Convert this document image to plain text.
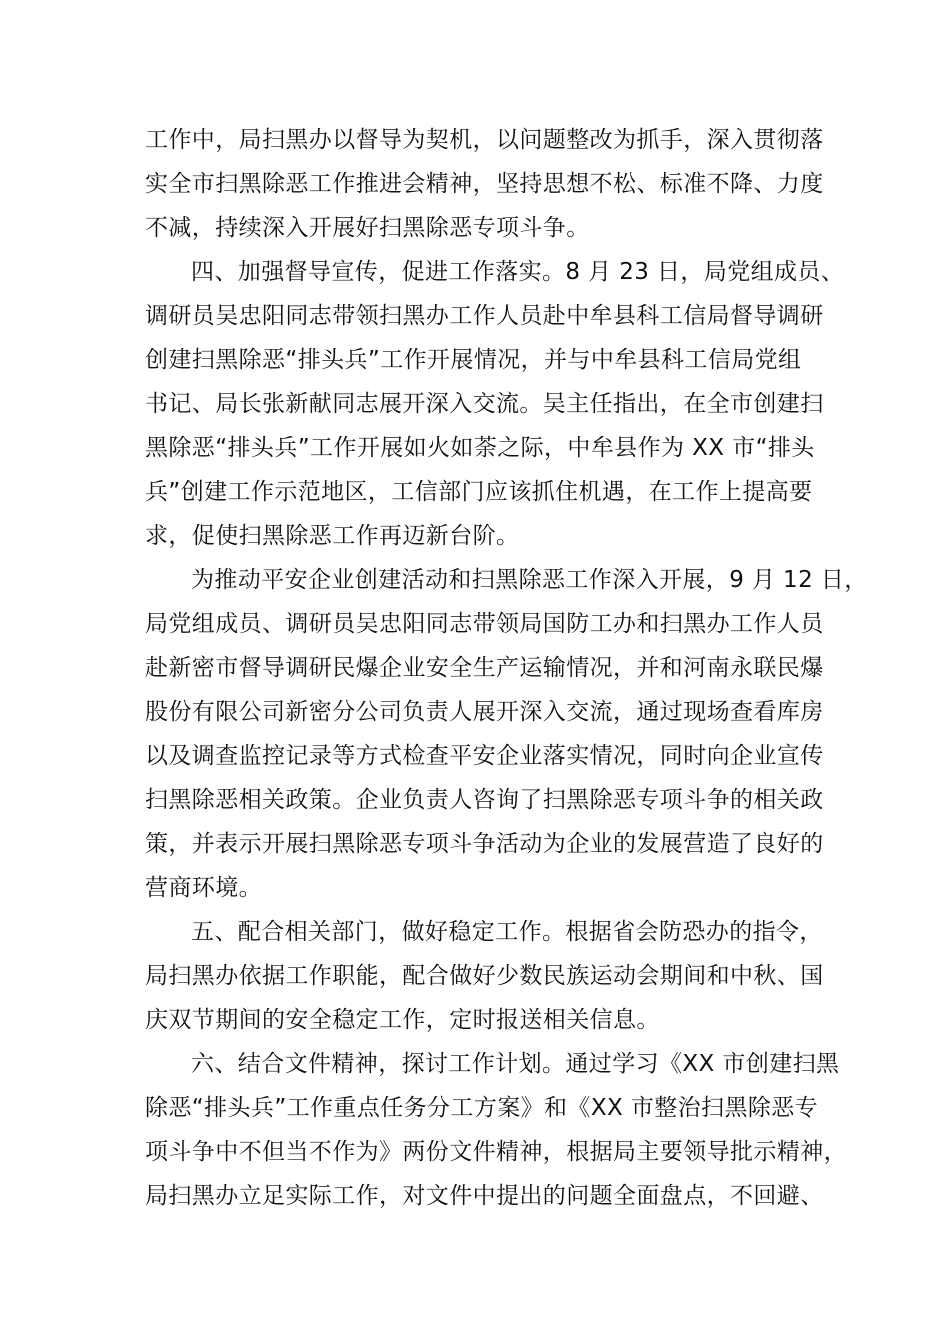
工作中，局扫黑办以督导为契机，以问题整改为抓手，深入贯彻落
实全市扫黑除恶工作推进会精神，坚持思想不松、标准不降、力度
不减，持续深入开展好扫黑除恶专项斗争。
四、加强督导宣传，促进工作落实。8 月 23 日，局党组成员、
调研员吴忠阳同志带领扫黑办工作人员赴中牟县科工信局督导调研
创建扫黑除恶“排头兵”工作开展情况，并与中牟县科工信局党组
书记、局长张新献同志展开深入交流。吴主任指出，在全市创建扫
黑除恶“排头兵”工作开展如火如荼之际，中牟县作为 XX 市“排头
兵”创建工作示范地区，工信部门应该抓住机遇，在工作上提高要
求，促使扫黑除恶工作再迈新台阶。
为推动平安企业创建活动和扫黑除恶工作深入开展，9 月 12 日，
局党组成员、调研员吴忠阳同志带领局国防工办和扫黑办工作人员
赴新密市督导调研民爆企业安全生产运输情况，并和河南永联民爆
股份有限公司新密分公司负责人展开深入交流，通过现场查看库房
以及调查监控记录等方式检查平安企业落实情况，同时向企业宣传
扫黑除恶相关政策。企业负责人咨询了扫黑除恶专项斗争的相关政
策，并表示开展扫黑除恶专项斗争活动为企业的发展营造了良好的
营商环境。
五、配合相关部门，做好稳定工作。根据省会防恐办的指令，
局扫黑办依据工作职能，配合做好少数民族运动会期间和中秋、国
庆双节期间的安全稳定工作，定时报送相关信息。
六、结合文件精神，探讨工作计划。通过学习《XX 市创建扫黑
除恶“排头兵”工作重点任务分工方案》和《XX 市整治扫黑除恶专
项斗争中不但当不作为》两份文件精神，根据局主要领导批示精神，
局扫黑办立足实际工作，对文件中提出的问题全面盘点，不回避、
